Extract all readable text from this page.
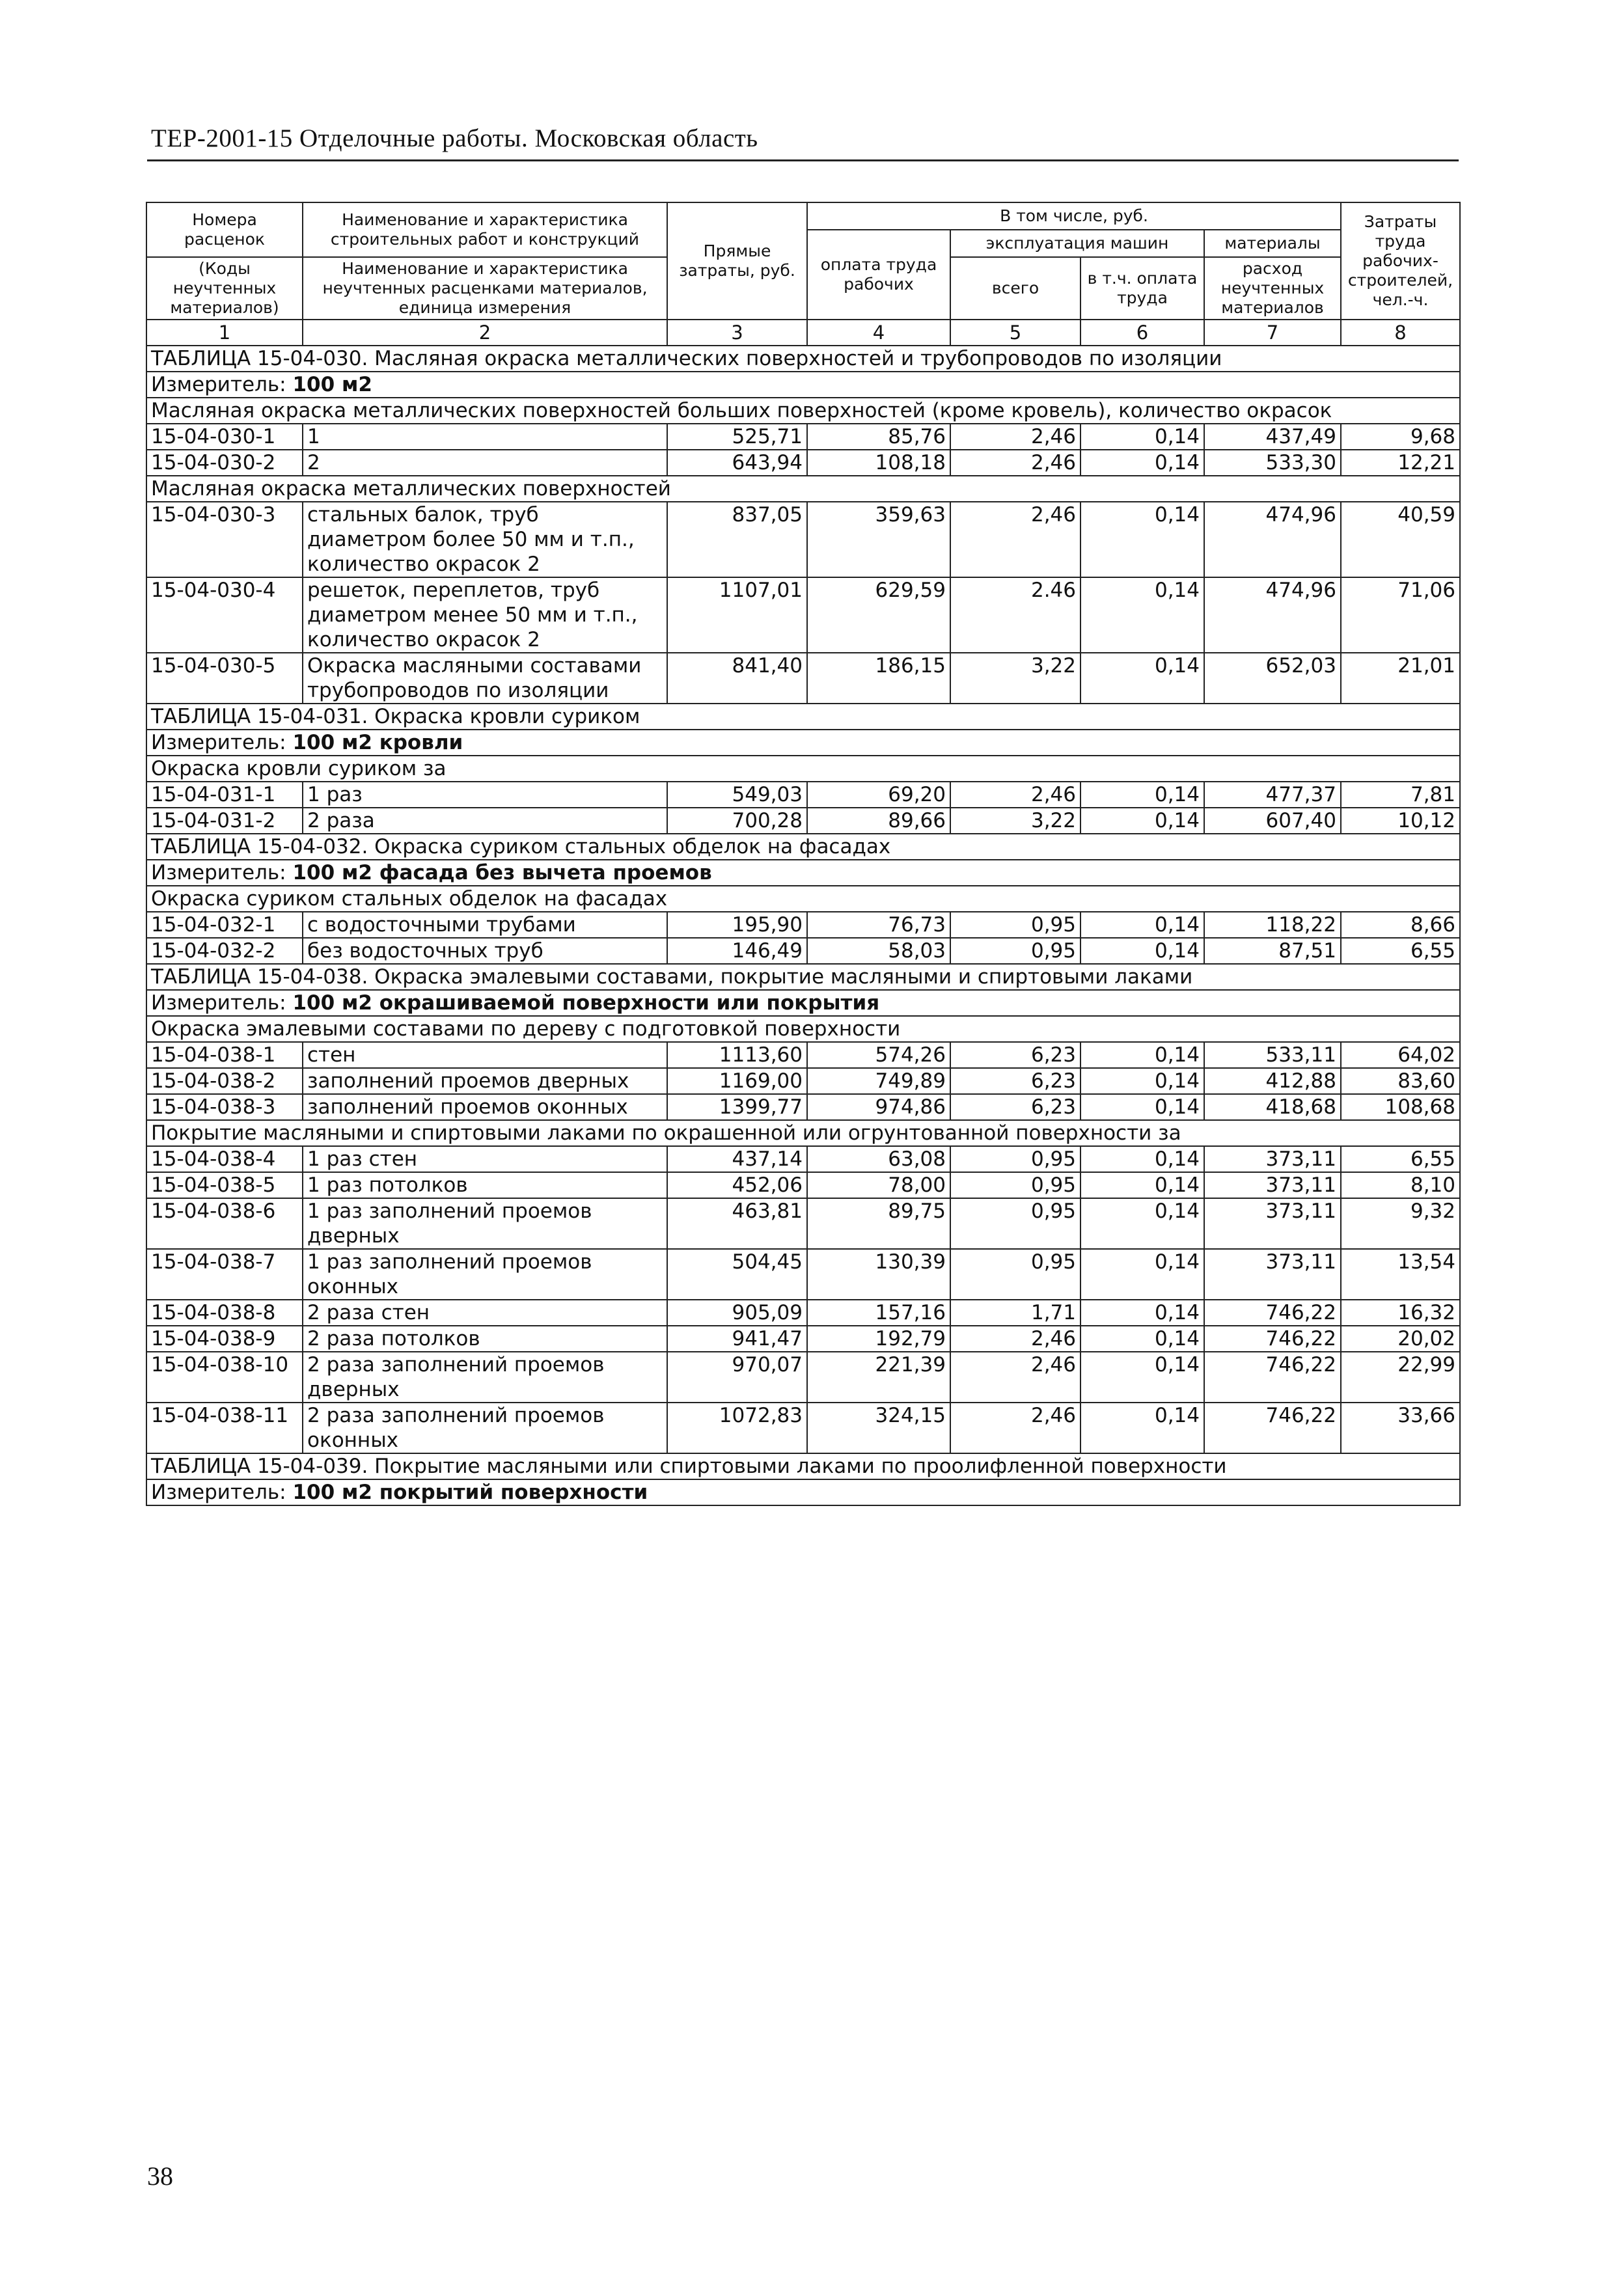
ТЕР-2001-15 Отделочные работы. Московская область
Номера расценок	Наименование и характеристика строительных работ и конструкций	Прямые затраты, руб.	В том числе, руб.				Затраты труда рабочих-строителей, чел.-ч.
			оплата труда рабочих	эксплуатация машин		материалы	
(Коды неучтенных материалов)	Наименование и характеристика неучтенных расценками материалов, единица измерения			всего	в т.ч. оплата труда	расход неучтенных материалов	

1	2	3	4	5	6	7	8
ТАБЛИЦА 15-04-030. Масляная окраска металлических поверхностей и трубопроводов по изоляции							
Измеритель: 100 м2							
Масляная окраска металлических поверхностей больших поверхностей (кроме кровель), количество окрасок							
15-04-030-1	1	525,71	85,76	2,46	0,14	437,49	9,68
15-04-030-2	2	643,94	108,18	2,46	0,14	533,30	12,21
Масляная окраска металлических поверхностей							
15-04-030-3	стальных балок, труб диаметром более 50 мм и т.п., количество окрасок 2	837,05	359,63	2,46	0,14	474,96	40,59
15-04-030-4	решеток, переплетов, труб диаметром менее 50 мм и т.п., количество окрасок 2	1107,01	629,59	2.46	0,14	474,96	71,06
15-04-030-5	Окраска масляными составами трубопроводов по изоляции	841,40	186,15	3,22	0,14	652,03	21,01
ТАБЛИЦА 15-04-031. Окраска кровли суриком							
Измеритель: 100 м2 кровли							
Окраска кровли суриком за							
15-04-031-1	1 раз	549,03	69,20	2,46	0,14	477,37	7,81
15-04-031-2	2 раза	700,28	89,66	3,22	0,14	607,40	10,12
ТАБЛИЦА 15-04-032. Окраска суриком стальных обделок на фасадах							
Измеритель: 100 м2 фасада без вычета проемов							
Окраска суриком стальных обделок на фасадах							
15-04-032-1	с водосточными трубами	195,90	76,73	0,95	0,14	118,22	8,66
15-04-032-2	без водосточных труб	146,49	58,03	0,95	0,14	87,51	6,55
ТАБЛИЦА 15-04-038. Окраска эмалевыми составами, покрытие масляными и спиртовыми лаками							
Измеритель: 100 м2 окрашиваемой поверхности или покрытия							
Окраска эмалевыми составами по дереву с подготовкой поверхности							
15-04-038-1	стен	1113,60	574,26	6,23	0,14	533,11	64,02
15-04-038-2	заполнений проемов дверных	1169,00	749,89	6,23	0,14	412,88	83,60
15-04-038-3	заполнений проемов оконных	1399,77	974,86	6,23	0,14	418,68	108,68
Покрытие масляными и спиртовыми лаками по окрашенной или огрунтованной поверхности за							
15-04-038-4	1 раз стен	437,14	63,08	0,95	0,14	373,11	6,55
15-04-038-5	1 раз потолков	452,06	78,00	0,95	0,14	373,11	8,10
15-04-038-6	1 раз заполнений проемов дверных	463,81	89,75	0,95	0,14	373,11	9,32
15-04-038-7	1 раз заполнений проемов оконных	504,45	130,39	0,95	0,14	373,11	13,54
15-04-038-8	2 раза стен	905,09	157,16	1,71	0,14	746,22	16,32
15-04-038-9	2 раза потолков	941,47	192,79	2,46	0,14	746,22	20,02
15-04-038-10	2 раза заполнений проемов дверных	970,07	221,39	2,46	0,14	746,22	22,99
15-04-038-11	2 раза заполнений проемов оконных	1072,83	324,15	2,46	0,14	746,22	33,66
ТАБЛИЦА 15-04-039. Покрытие масляными или спиртовыми лаками по проолифленной поверхности							
Измеритель: 100 м2 покрытий поверхности							
38
